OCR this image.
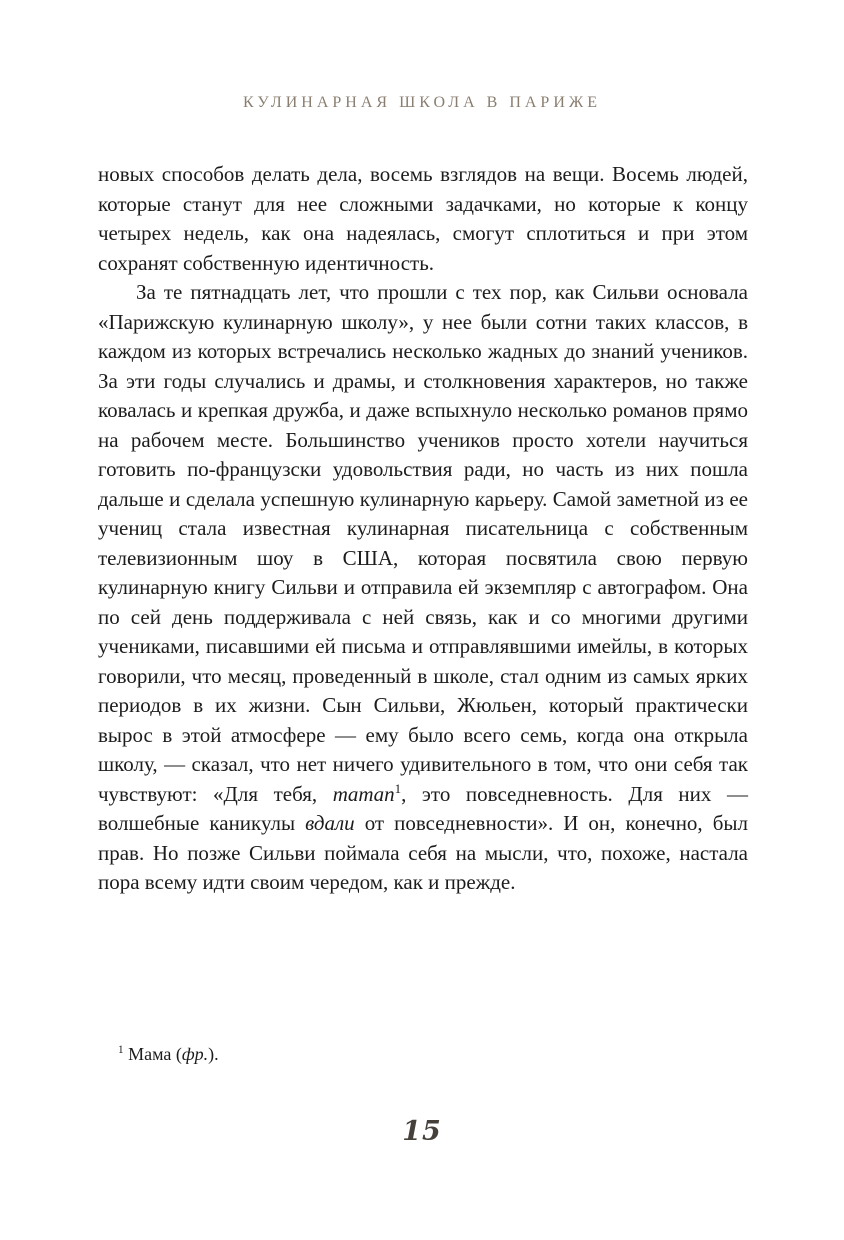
КУЛИНАРНАЯ ШКОЛА В ПАРИЖЕ

новых способов делать дела, восемь взглядов на вещи. Восемь людей, которые станут для нее сложными задачками, но которые к концу четырех недель, как она надеялась, смогут сплотиться и при этом сохранят собственную идентичность.

За те пятнадцать лет, что прошли с тех пор, как Сильви основала «Парижскую кулинарную школу», у нее были сотни таких классов, в каждом из которых встречались несколько жадных до знаний учеников. За эти годы случались и драмы, и столкновения характеров, но также ковалась и крепкая дружба, и даже вспыхнуло несколько романов прямо на рабочем месте. Большинство учеников просто хотели научиться готовить по-французски удовольствия ради, но часть из них пошла дальше и сделала успешную кулинарную карьеру. Самой заметной из ее учениц стала известная кулинарная писательница с собственным телевизионным шоу в США, которая посвятила свою первую кулинарную книгу Сильви и отправила ей экземпляр с автографом. Она по сей день поддерживала с ней связь, как и со многими другими учениками, писавшими ей письма и отправлявшими имейлы, в которых говорили, что месяц, проведенный в школе, стал одним из самых ярких периодов в их жизни. Сын Сильви, Жюльен, который практически вырос в этой атмосфере — ему было всего семь, когда она открыла школу, — сказал, что нет ничего удивительного в том, что они себя так чувствуют: «Для тебя, maman$^1$, это повседневность. Для них — волшебные каникулы вдали от повседневности». И он, конечно, был прав. Но позже Сильви поймала себя на мысли, что, похоже, настала пора всему идти своим чередом, как и прежде.

$^1$ Мама (фр.).
15
